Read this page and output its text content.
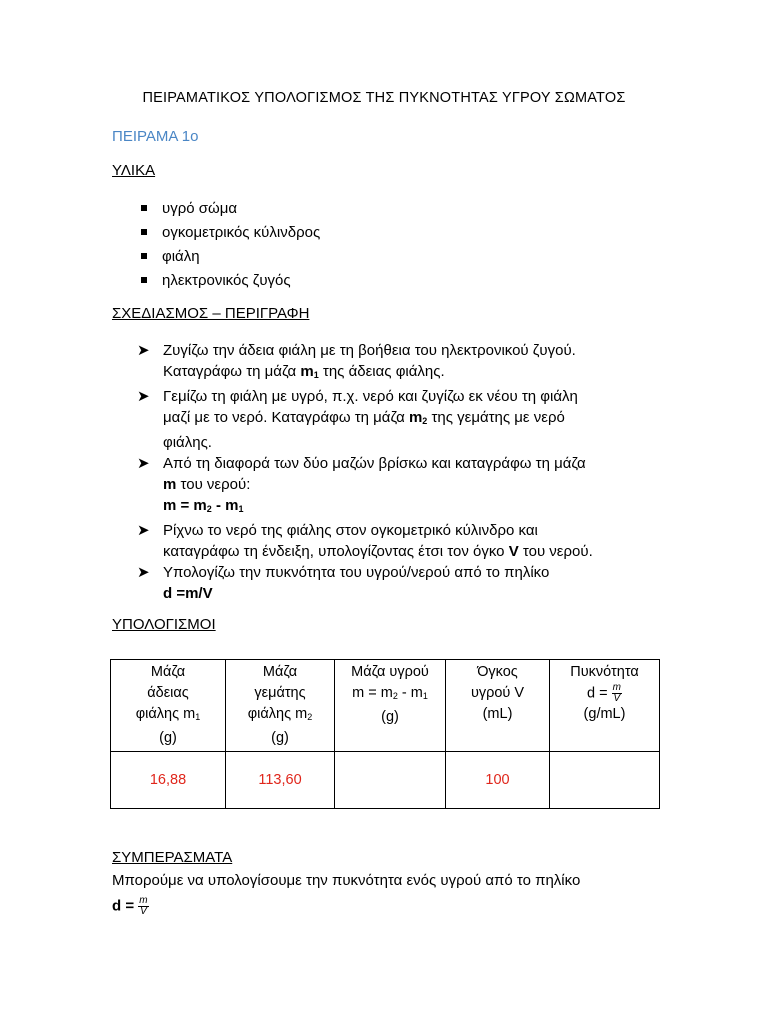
ΠΕΙΡΑΜΑΤΙΚΟΣ ΥΠΟΛΟΓΙΣΜΟΣ ΤΗΣ ΠΥΚΝΟΤΗΤΑΣ ΥΓΡΟΥ ΣΩΜΑΤΟΣ
ΠΕΙΡΑΜΑ 1ο
ΥΛΙΚΑ
υγρό σώμα
ογκομετρικός κύλινδρος
φιάλη
ηλεκτρονικός ζυγός
ΣΧΕΔΙΑΣΜΟΣ – ΠΕΡΙΓΡΑΦΗ
➤ Ζυγίζω την άδεια φιάλη με τη βοήθεια του ηλεκτρονικού ζυγού.
Καταγράφω τη μάζα $m_1$ της άδειας φιάλης.
➤ Γεμίζω τη φιάλη με υγρό, π.χ. νερό και ζυγίζω εκ νέου τη φιάλη
μαζί με το νερό. Καταγράφω τη μάζα $m_2$ της γεμάτης με νερό
φιάλης.
➤ Από τη διαφορά των δύο μαζών βρίσκω και καταγράφω τη μάζα
m του νερού:
$m = m_2 - m_1$
➤ Ρίχνω το νερό της φιάλης στον ογκομετρικό κύλινδρο και
καταγράφω τη ένδειξη, υπολογίζοντας έτσι τον όγκο V του νερού.
➤ Υπολογίζω την πυκνότητα του υγρού/νερού από το πηλίκο
d =m/V
ΥΠΟΛΟΓΙΣΜΟΙ
Μάζα
άδειας
φιάλης $m_1$
(g)	Μάζα
γεμάτης
φιάλης $m_2$
(g)	Μάζα υγρού
$m = m_2 - m_1$
(g)	Όγκος
υγρού V
(mL)	Πυκνότητα
$d = \frac{m}{V}$
(g/mL)

16,88	113,60		100	
ΣΥΜΠΕΡΑΣΜΑΤΑ
Μπορούμε να υπολογίσουμε την πυκνότητα ενός υγρού από το πηλίκο
$d = \frac{m}{V}$
